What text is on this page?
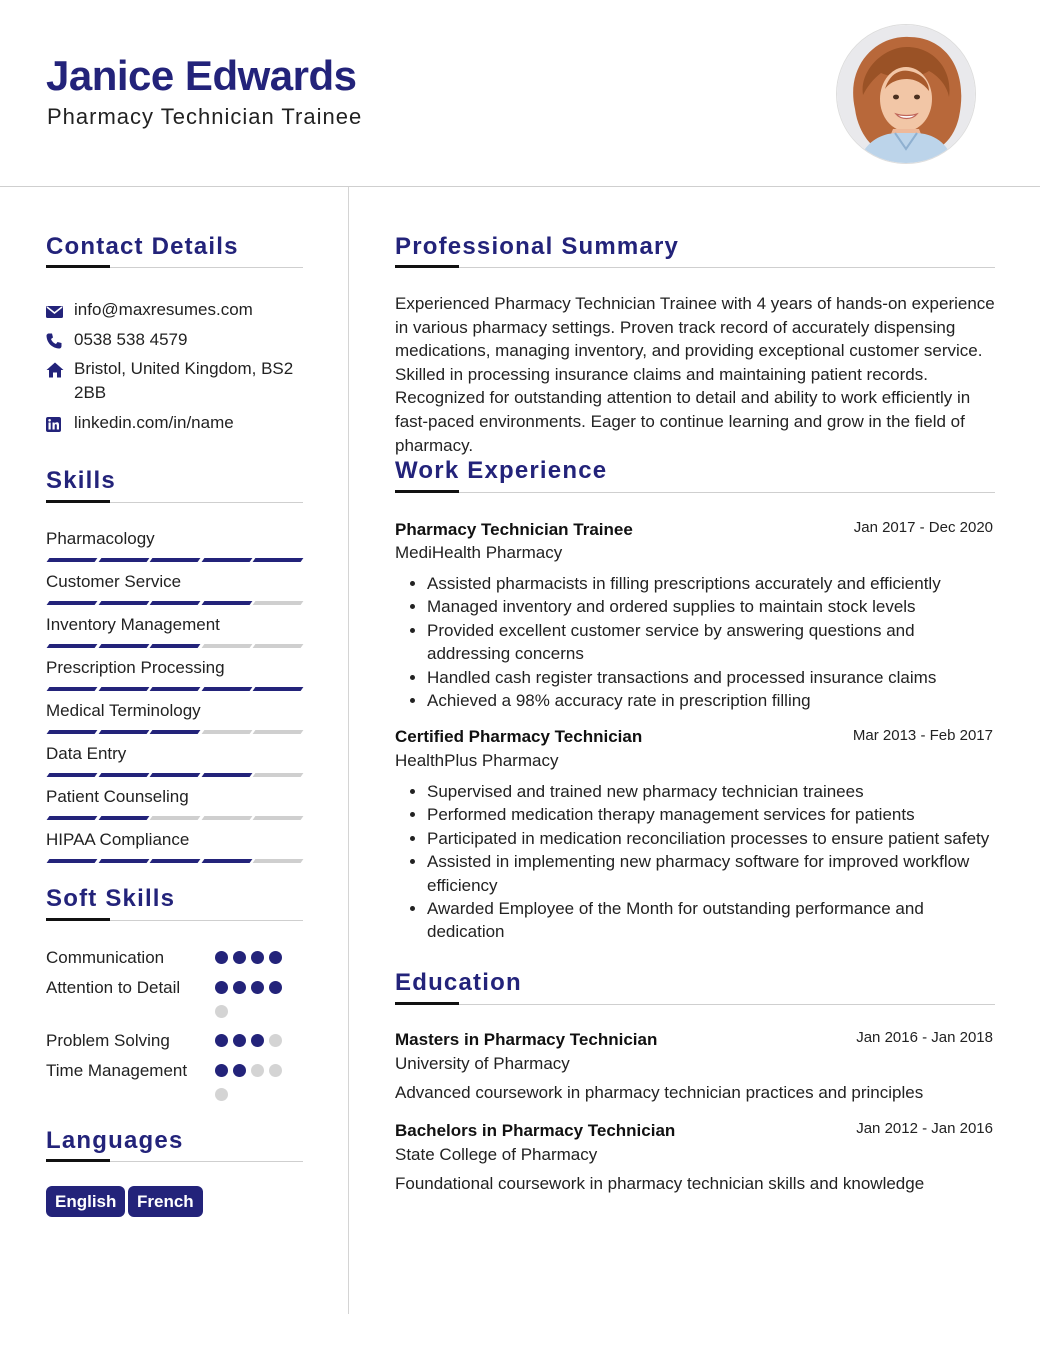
Janice Edwards

Pharmacy Technician Trainee

Contact Details
info@maxresumes.com
0538 538 4579
Bristol, United Kingdom, BS2 2BB
linkedin.com/in/name
Skills
Pharmacology
Customer Service
Inventory Management
Prescription Processing
Medical Terminology
Data Entry
Patient Counseling
HIPAA Compliance
Soft Skills
Communication
Attention to Detail
Problem Solving
Time Management
Languages
English	French
Professional Summary

Experienced Pharmacy Technician Trainee with 4 years of hands-on experience in various pharmacy settings. Proven track record of accurately dispensing medications, managing inventory, and providing exceptional customer service. Skilled in processing insurance claims and maintaining patient records. Recognized for outstanding attention to detail and ability to work efficiently in fast-paced environments. Eager to continue learning and grow in the field of pharmacy.

Work Experience
Pharmacy Technician Trainee	Jan 2017 - Dec 2020
MediHealth Pharmacy
• Assisted pharmacists in filling prescriptions accurately and efficiently
• Managed inventory and ordered supplies to maintain stock levels
• Provided excellent customer service by answering questions and addressing concerns
• Handled cash register transactions and processed insurance claims
• Achieved a 98% accuracy rate in prescription filling
Certified Pharmacy Technician	Mar 2013 - Feb 2017
HealthPlus Pharmacy
• Supervised and trained new pharmacy technician trainees
• Performed medication therapy management services for patients
• Participated in medication reconciliation processes to ensure patient safety
• Assisted in implementing new pharmacy software for improved workflow efficiency
• Awarded Employee of the Month for outstanding performance and dedication
Education
Masters in Pharmacy Technician	Jan 2016 - Jan 2018
University of Pharmacy
Advanced coursework in pharmacy technician practices and principles
Bachelors in Pharmacy Technician	Jan 2012 - Jan 2016
State College of Pharmacy
Foundational coursework in pharmacy technician skills and knowledge
